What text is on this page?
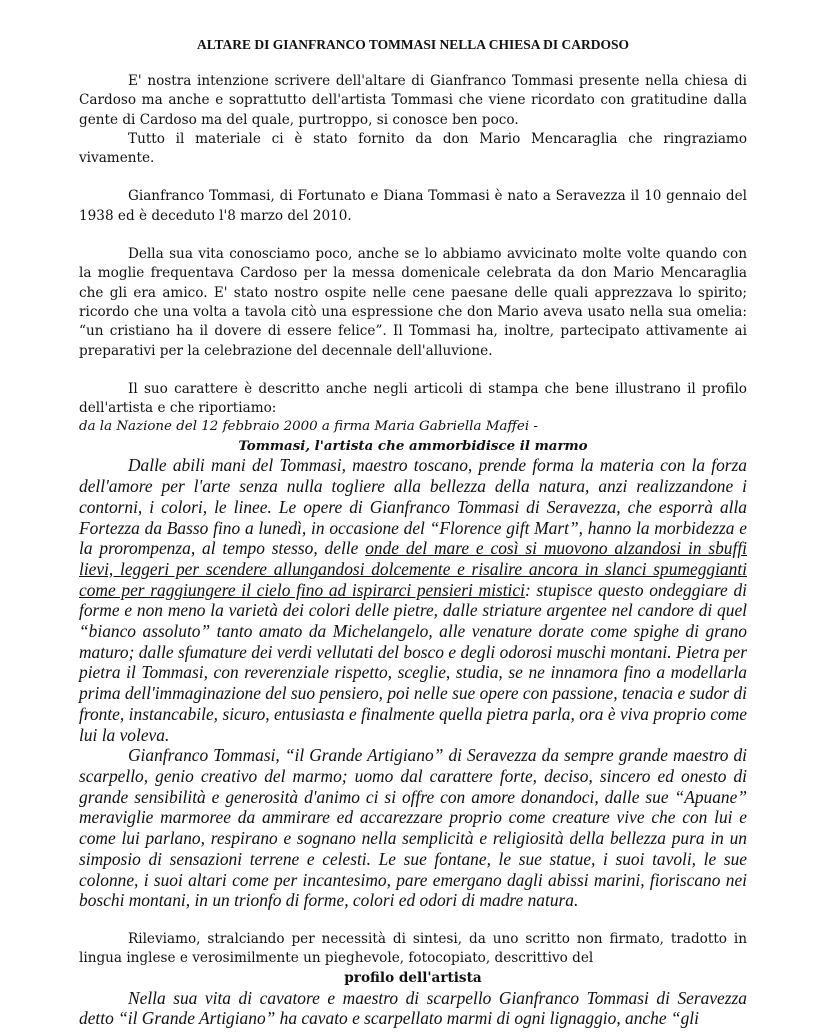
ALTARE DI GIANFRANCO TOMMASI NELLA CHIESA DI CARDOSO

E' nostra intenzione scrivere dell'altare di Gianfranco Tommasi presente nella chiesa di Cardoso ma anche e soprattutto dell'artista Tommasi che viene ricordato con gratitudine dalla gente di Cardoso ma del quale, purtroppo, si conosce ben poco.

Tutto il materiale ci è stato fornito da don Mario Mencaraglia che ringraziamo vivamente.

Gianfranco Tommasi, di Fortunato e Diana Tommasi è nato a Seravezza il 10 gennaio del 1938 ed è deceduto l'8 marzo del 2010.

Della sua vita conosciamo poco, anche se lo abbiamo avvicinato molte volte quando con la moglie frequentava Cardoso per la messa domenicale celebrata da don Mario Mencaraglia che gli era amico. E' stato nostro ospite nelle cene paesane delle quali apprezzava lo spirito; ricordo che una volta a tavola citò una espressione che don Mario aveva usato nella sua omelia: “un cristiano ha il dovere di essere felice”. Il Tommasi ha, inoltre, partecipato attivamente ai preparativi per la celebrazione del decennale dell'alluvione.

Il suo carattere è descritto anche negli articoli di stampa che bene illustrano il profilo dell'artista e che riportiamo:

da la Nazione del 12 febbraio 2000 a firma Maria Gabriella Maffei -

Tommasi, l'artista che ammorbidisce il marmo

Dalle abili mani del Tommasi, maestro toscano, prende forma la materia con la forza dell'amore per l'arte senza nulla togliere alla bellezza della natura, anzi realizzandone i contorni, i colori, le linee. Le opere di Gianfranco Tommasi di Seravezza, che esporrà alla Fortezza da Basso fino a lunedì, in occasione del “Florence gift Mart”, hanno la morbidezza e la prorompenza, al tempo stesso, delle onde del mare e così si muovono alzandosi in sbuffi lievi, leggeri per scendere allungandosi dolcemente e risalire ancora in slanci spumeggianti come per raggiungere il cielo fino ad ispirarci pensieri mistici: stupisce questo ondeggiare di forme e non meno la varietà dei colori delle pietre, dalle striature argentee nel candore di quel “bianco assoluto” tanto amato da Michelangelo, alle venature dorate come spighe di grano maturo; dalle sfumature dei verdi vellutati del bosco e degli odorosi muschi montani. Pietra per pietra il Tommasi, con reverenziale rispetto, sceglie, studia, se ne innamora fino a modellarla prima dell'immaginazione del suo pensiero, poi nelle sue opere con passione, tenacia e sudor di fronte, instancabile, sicuro, entusiasta e finalmente quella pietra parla, ora è viva proprio come lui la voleva.

Gianfranco Tommasi, “il Grande Artigiano” di Seravezza da sempre grande maestro di scarpello, genio creativo del marmo; uomo dal carattere forte, deciso, sincero ed onesto di grande sensibilità e generosità d'animo ci si offre con amore donandoci, dalle sue “Apuane” meraviglie marmoree da ammirare ed accarezzare proprio come creature vive che con lui e come lui parlano, respirano e sognano nella semplicità e religiosità della bellezza pura in un simposio di sensazioni terrene e celesti. Le sue fontane, le sue statue, i suoi tavoli, le sue colonne, i suoi altari come per incantesimo, pare emergano dagli abissi marini, fioriscano nei boschi montani, in un trionfo di forme, colori ed odori di madre natura.

Rileviamo, stralciando per necessità di sintesi, da uno scritto non firmato, tradotto in lingua inglese e verosimilmente un pieghevole, fotocopiato, descrittivo del

profilo dell'artista

Nella sua vita di cavatore e maestro di scarpello Gianfranco Tommasi di Seravezza detto “il Grande Artigiano” ha cavato e scarpellato marmi di ogni lignaggio, anche “gli
